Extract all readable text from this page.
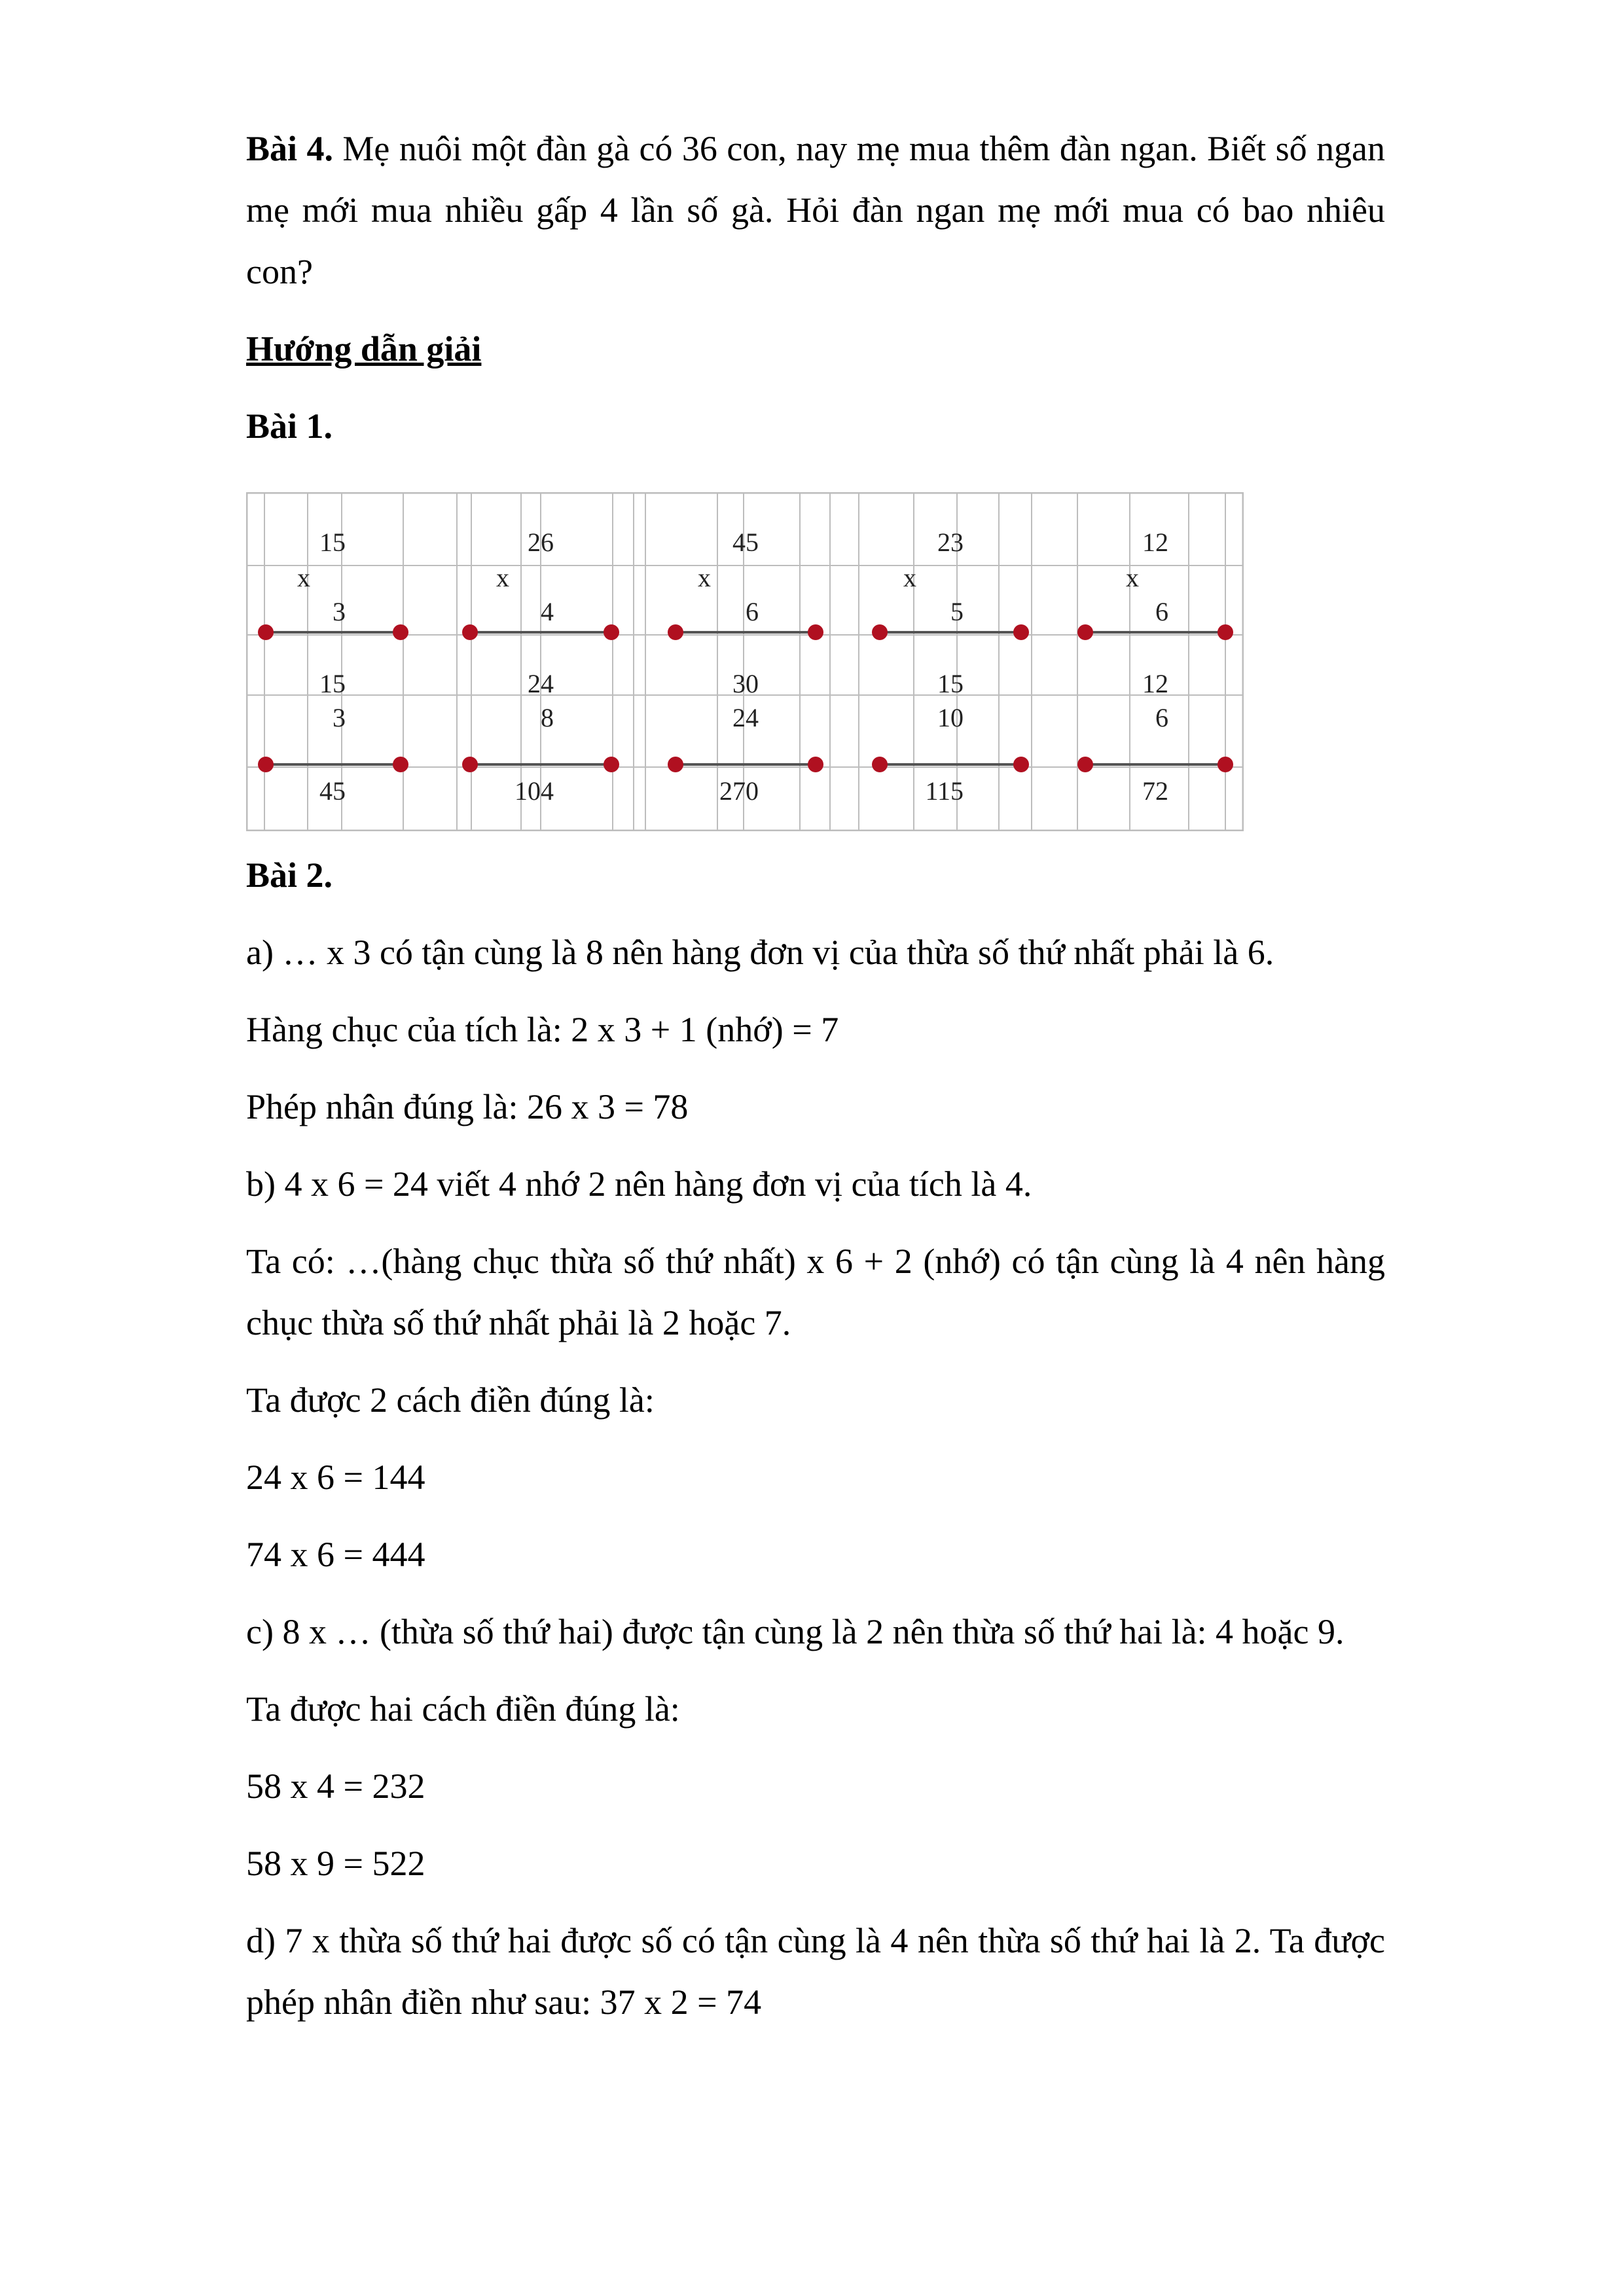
Bài 4. Mẹ nuôi một đàn gà có 36 con, nay mẹ mua thêm đàn ngan. Biết số ngan mẹ mới mua nhiều gấp 4 lần số gà. Hỏi đàn ngan mẹ mới mua có bao nhiêu con?

Hướng dẫn giải

Bài 1.

15
x
3
15
3
45
26
x
4
24
8
104
45
x
6
30
24
270
23
x
5
15
10
115
12
x
6
12
6
72

Bài 2.

a) … x 3 có tận cùng là 8 nên hàng đơn vị của thừa số thứ nhất phải là 6.

Hàng chục của tích là: 2 x 3 + 1 (nhớ) = 7

Phép nhân đúng là: 26 x 3 = 78

b) 4 x 6 = 24 viết 4 nhớ 2 nên hàng đơn vị của tích là 4.

Ta có: …(hàng chục thừa số thứ nhất) x 6 + 2 (nhớ) có tận cùng là 4 nên hàng chục thừa số thứ nhất phải là 2 hoặc 7.

Ta được 2 cách điền đúng là:

24 x 6 = 144

74 x 6 = 444

c) 8 x … (thừa số thứ hai) được tận cùng là 2 nên thừa số thứ hai là: 4 hoặc 9.

Ta được hai cách điền đúng là:

58 x 4 = 232

58 x 9 = 522

d) 7 x thừa số thứ hai được số có tận cùng là 4 nên thừa số thứ hai là 2. Ta được phép nhân điền như sau: 37 x 2 = 74
